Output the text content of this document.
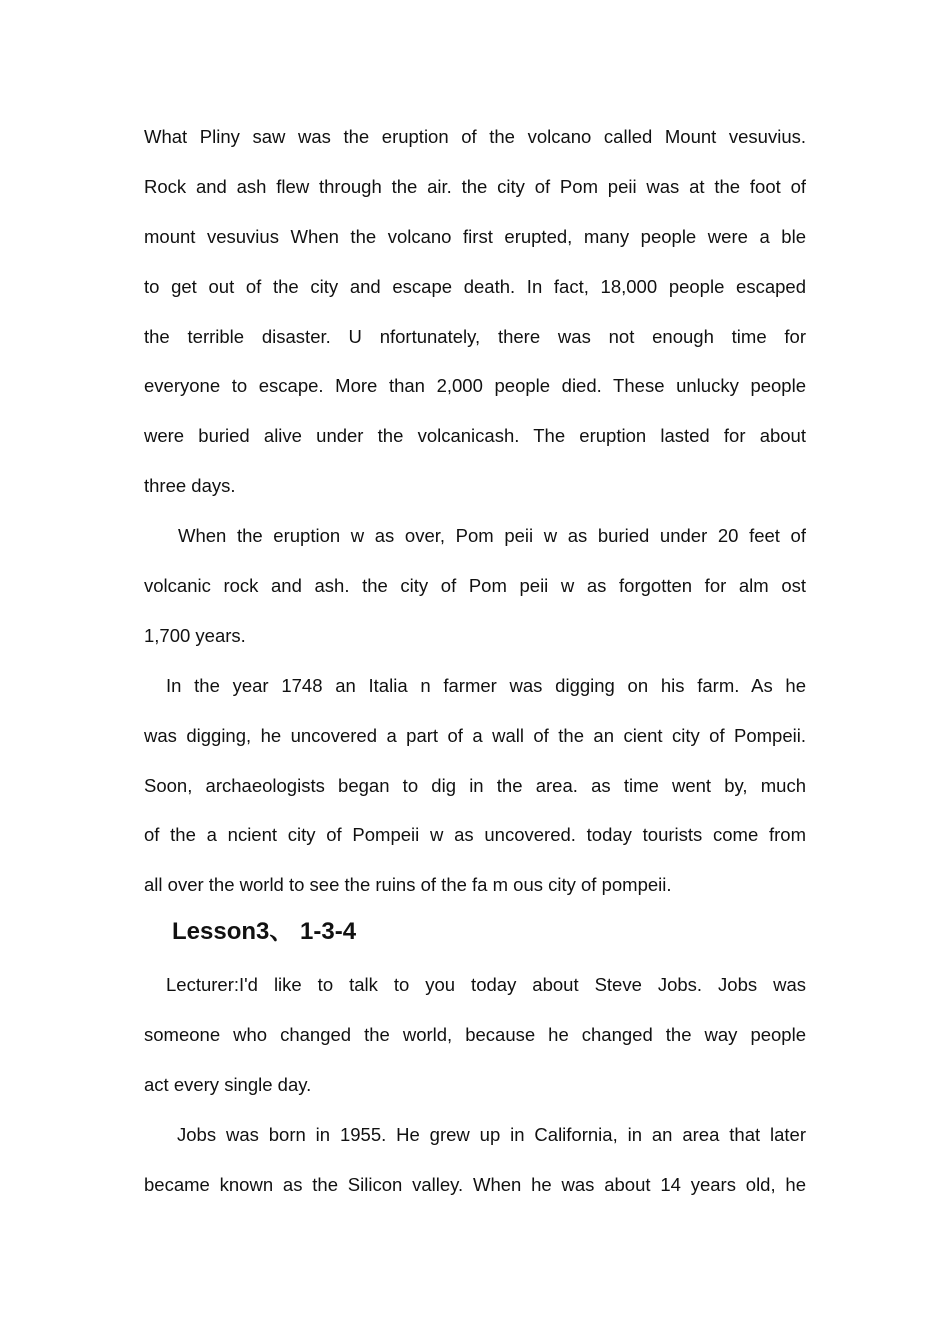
What Pliny saw was the eruption of the volcano called Mount vesuvius.
Rock and ash flew through the air. the city of Pom peii was at the foot of
mount vesuvius When the volcano first erupted, many people were a ble
to get out of the city and escape death. In fact, 18,000 people escaped
the terrible disaster. U nfortunately, there was not enough time for
everyone to escape. More than 2,000 people died. These unlucky people
were buried alive under the volcanicash. The eruption lasted for about
three days.
When the eruption w as over, Pom peii w as buried under 20 feet of
volcanic rock and ash. the city of Pom peii w as forgotten for alm ost
1,700 years.
In the year 1748 an Italia n farmer was digging on his farm. As he
was digging, he uncovered a part of a wall of the an cient city of Pompeii.
Soon, archaeologists began to dig in the area. as time went by, much
of the a ncient city of Pompeii w as uncovered. today tourists come from
all over the world to see the ruins of the fa m ous city of pompeii.
Lesson3、 1-3-4
Lecturer:I'd like to talk to you today about Steve Jobs. Jobs was
someone who changed the world, because he changed the way people
act every single day.
Jobs was born in 1955. He grew up in California, in an area that later
became known as the Silicon valley. When he was about 14 years old, he
